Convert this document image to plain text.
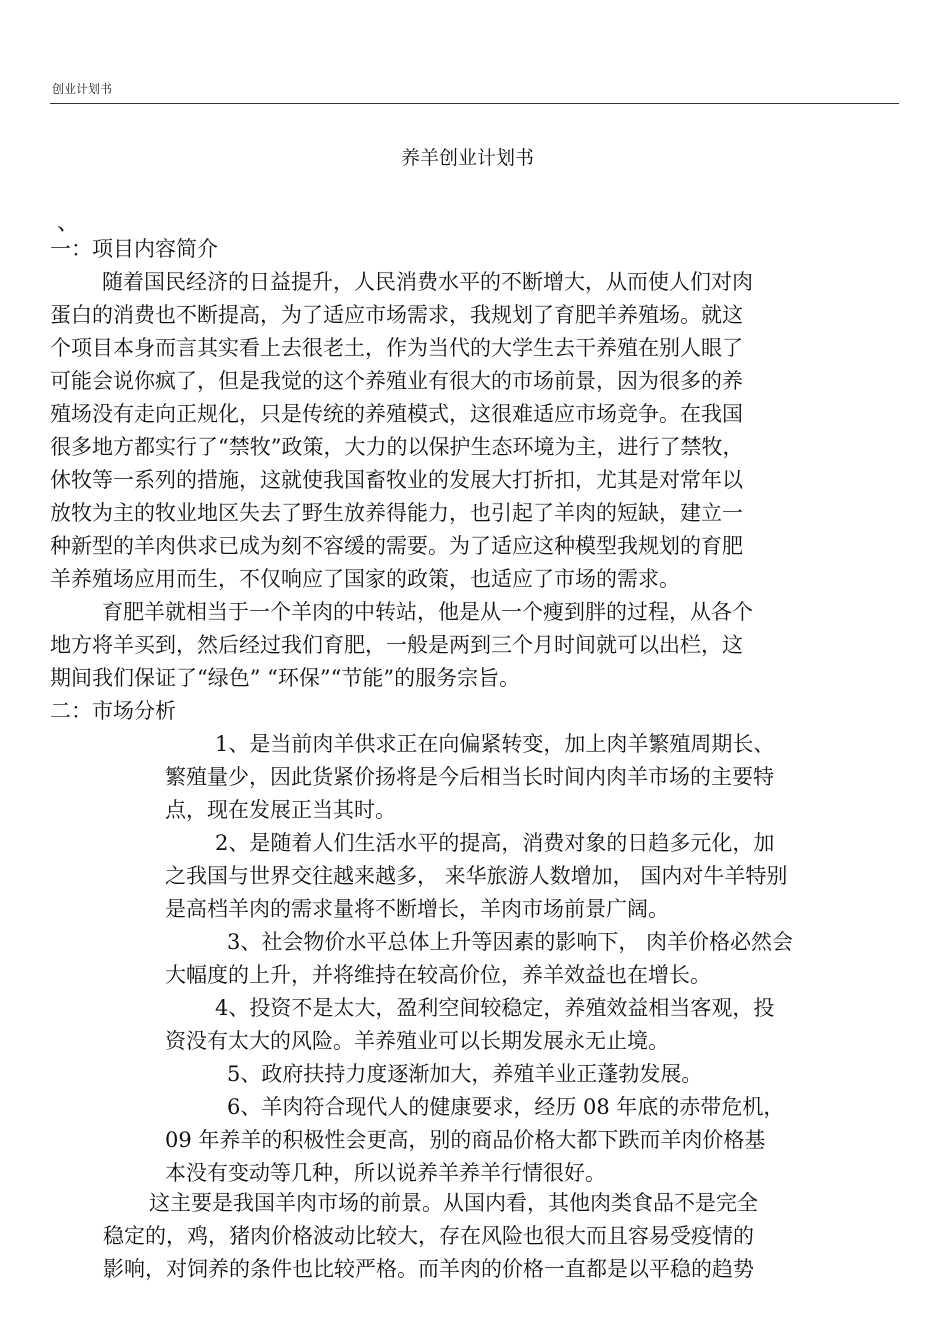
创业计划书
养羊创业计划书
、
一：项目内容简介
随着国民经济的日益提升，人民消费水平的不断增大，从而使人们对肉
蛋白的消费也不断提高，为了适应市场需求，我规划了育肥羊养殖场。就这
个项目本身而言其实看上去很老土，作为当代的大学生去干养殖在别人眼了
可能会说你疯了，但是我觉的这个养殖业有很大的市场前景，因为很多的养
殖场没有走向正规化，只是传统的养殖模式，这很难适应市场竞争。在我国
很多地方都实行了“禁牧”政策，大力的以保护生态环境为主，进行了禁牧，
休牧等一系列的措施，这就使我国畜牧业的发展大打折扣，尤其是对常年以
放牧为主的牧业地区失去了野生放养得能力，也引起了羊肉的短缺，建立一
种新型的羊肉供求已成为刻不容缓的需要。为了适应这种模型我规划的育肥
羊养殖场应用而生，不仅响应了国家的政策，也适应了市场的需求。
育肥羊就相当于一个羊肉的中转站，他是从一个瘦到胖的过程，从各个
地方将羊买到，然后经过我们育肥，一般是两到三个月时间就可以出栏，这
期间我们保证了“绿色” “环保”“节能”的服务宗旨。
二：市场分析
1、是当前肉羊供求正在向偏紧转变，加上肉羊繁殖周期长、
繁殖量少，因此货紧价扬将是今后相当长时间内肉羊市场的主要特
点，现在发展正当其时。
2、是随着人们生活水平的提高，消费对象的日趋多元化，加
之我国与世界交往越来越多， 来华旅游人数增加， 国内对牛羊特别
是高档羊肉的需求量将不断增长，羊肉市场前景广阔。
3、社会物价水平总体上升等因素的影响下， 肉羊价格必然会
大幅度的上升，并将维持在较高价位，养羊效益也在增长。
4、投资不是太大，盈利空间较稳定，养殖效益相当客观，投
资没有太大的风险。羊养殖业可以长期发展永无止境。
5、政府扶持力度逐渐加大，养殖羊业正蓬勃发展。
6、羊肉符合现代人的健康要求，经历 08 年底的赤带危机，
09 年养羊的积极性会更高，别的商品价格大都下跌而羊肉价格基
本没有变动等几种，所以说养羊养羊行情很好。
这主要是我国羊肉市场的前景。从国内看，其他肉类食品不是完全
稳定的，鸡，猪肉价格波动比较大，存在风险也很大而且容易受疫情的
影响，对饲养的条件也比较严格。而羊肉的价格一直都是以平稳的趋势
